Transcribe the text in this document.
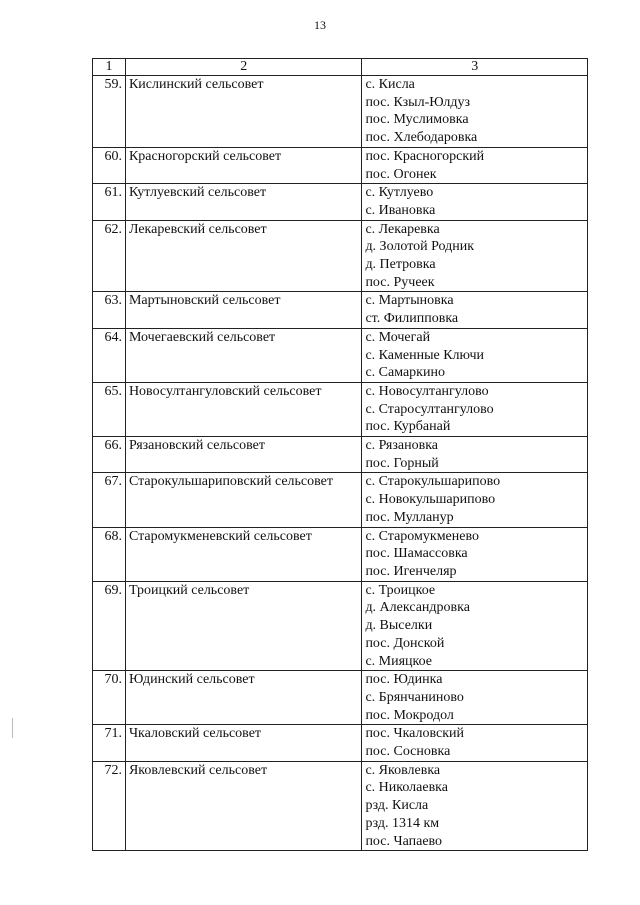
13
1	2	3
59.	Кислинский сельсовет	с. Кисла
пос. Кзыл-Юлдуз
пос. Муслимовка
пос. Хлебодаровка

60.	Красногорский сельсовет	пос. Красногорский
пос. Огонек

61.	Кутлуевский сельсовет	с. Кутлуево
с. Ивановка

62.	Лекаревский сельсовет	с. Лекаревка
д. Золотой Родник
д. Петровка
пос. Ручеек

63.	Мартыновский сельсовет	с. Мартыновка
ст. Филипповка

64.	Мочегаевский сельсовет	с. Мочегай
с. Каменные Ключи
с. Самаркино

65.	Новосултангуловский сельсовет	с. Новосултангулово
с. Старосултангулово
пос. Курбанай

66.	Рязановский сельсовет	с. Рязановка
пос. Горный

67.	Старокульшариповский сельсовет	с. Старокульшарипово
с. Новокульшарипово
пос. Мулланур

68.	Старомукменевский сельсовет	с. Старомукменево
пос. Шамассовка
пос. Игенчеляр

69.	Троицкий сельсовет	с. Троицкое
д. Александровка
д. Выселки
пос. Донской
с. Мияцкое

70.	Юдинский сельсовет	пос. Юдинка
с. Брянчаниново
пос. Мокродол

71.	Чкаловский сельсовет	пос. Чкаловский
пос. Сосновка

72.	Яковлевский сельсовет	с. Яковлевка
с. Николаевка
рзд. Кисла
рзд. 1314 км
пос. Чапаево
